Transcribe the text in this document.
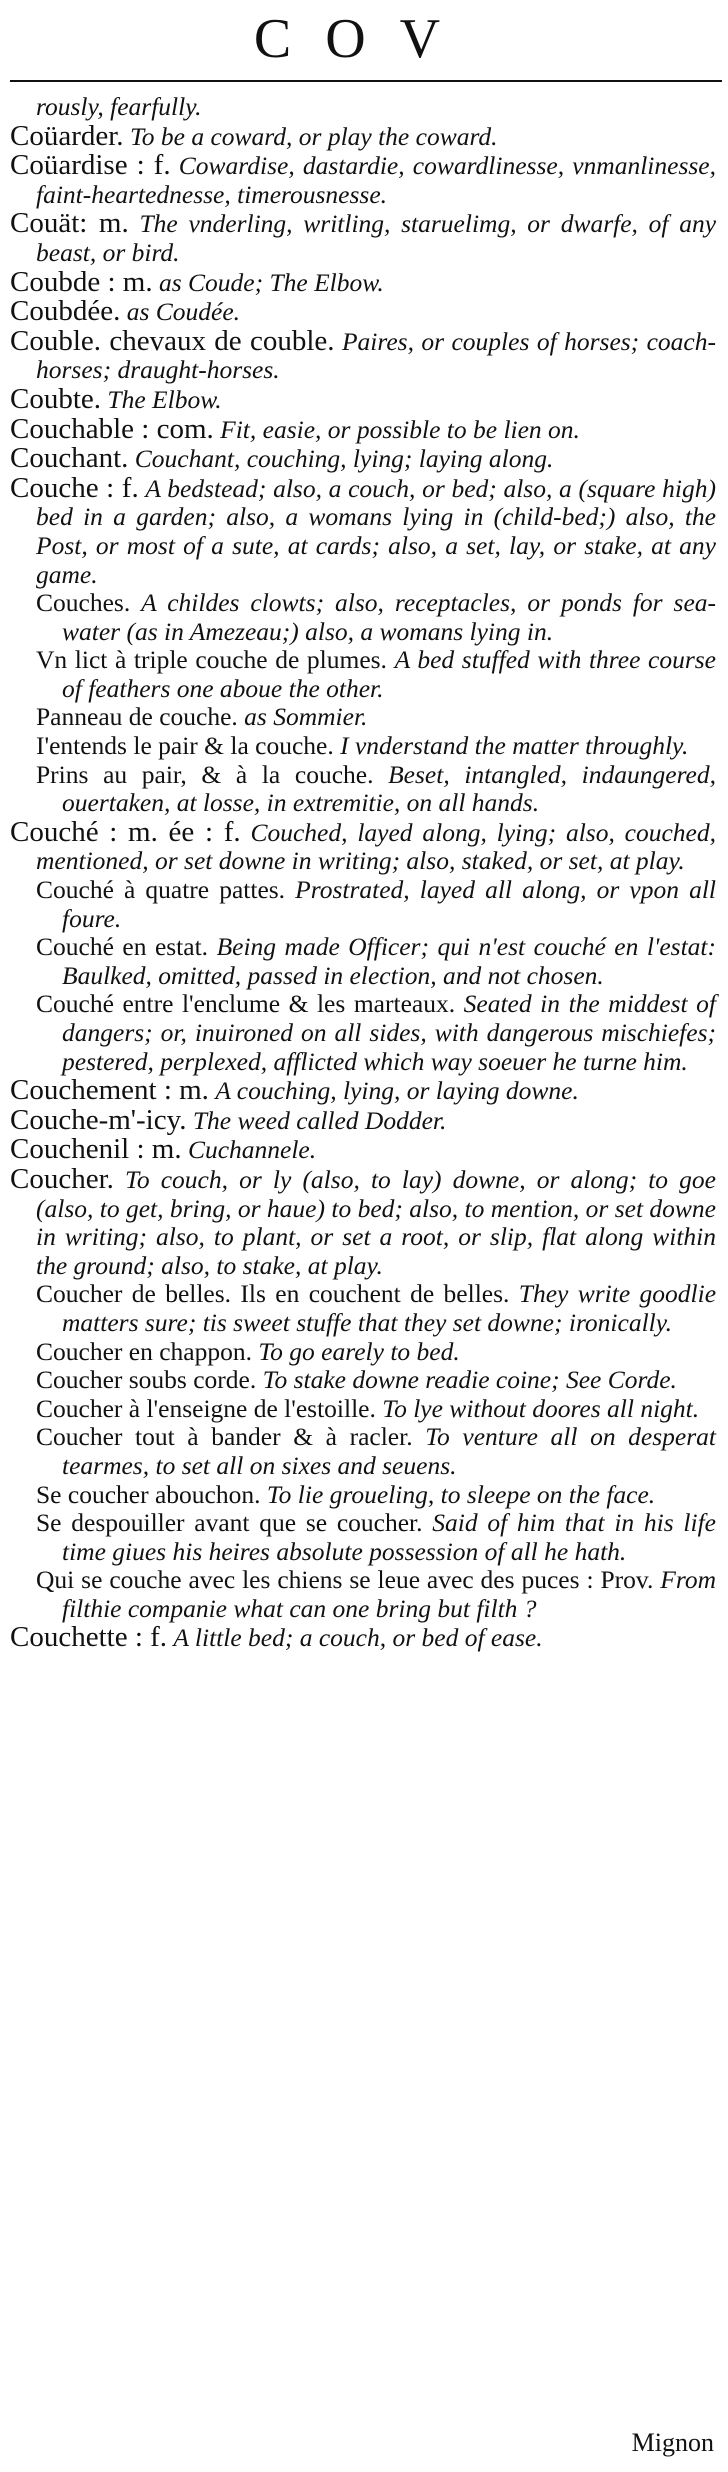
COV

rously, fearfully.

Coüarder. To be a coward, or play the coward.

Coüardise : f. Cowardise, dastardie, cowardlinesse, vnmanlinesse, faint-heartednesse, timerousnesse.

Couät: m. The vnderling, writling, staruelimg, or dwarfe, of any beast, or bird.

Coubde : m. as Coude; The Elbow.

Coubdée. as Coudée.

Couble. chevaux de couble. Paires, or couples of horses; coach-horses; draught-horses.

Coubte. The Elbow.

Couchable : com. Fit, easie, or possible to be lien on.

Couchant. Couchant, couching, lying; laying along.

Couche : f. A bedstead; also, a couch, or bed; also, a (square high) bed in a garden; also, a womans lying in (child-bed;) also, the Post, or most of a sute, at cards; also, a set, lay, or stake, at any game.

Couches. A childes clowts; also, receptacles, or ponds for sea-water (as in Amezeau;) also, a womans lying in.

Vn lict à triple couche de plumes. A bed stuffed with three course of feathers one aboue the other.

Panneau de couche. as Sommier.

I'entends le pair & la couche. I vnderstand the matter throughly.

Prins au pair, & à la couche. Beset, intangled, indaungered, ouertaken, at losse, in extremitie, on all hands.

Couché : m. ée : f. Couched, layed along, lying; also, couched, mentioned, or set downe in writing; also, staked, or set, at play.

Couché à quatre pattes. Prostrated, layed all along, or vpon all foure.

Couché en estat. Being made Officer; qui n'est couché en l'estat: Baulked, omitted, passed in election, and not chosen.

Couché entre l'enclume & les marteaux. Seated in the middest of dangers; or, inuironed on all sides, with dangerous mischiefes; pestered, perplexed, afflicted which way soeuer he turne him.

Couchement : m. A couching, lying, or laying downe.

Couche-m'-icy. The weed called Dodder.

Couchenil : m. Cuchannele.

Coucher. To couch, or ly (also, to lay) downe, or along; to goe (also, to get, bring, or haue) to bed; also, to mention, or set downe in writing; also, to plant, or set a root, or slip, flat along within the ground; also, to stake, at play.

Coucher de belles. Ils en couchent de belles. They write goodlie matters sure; tis sweet stuffe that they set downe; ironically.

Coucher en chappon. To go earely to bed.

Coucher soubs corde. To stake downe readie coine; See Corde.

Coucher à l'enseigne de l'estoille. To lye without doores all night.

Coucher tout à bander & à racler. To venture all on desperat tearmes, to set all on sixes and seuens.

Se coucher abouchon. To lie groueling, to sleepe on the face.

Se despouiller avant que se coucher. Said of him that in his life time giues his heires absolute possession of all he hath.

Qui se couche avec les chiens se leue avec des puces : Prov. From filthie companie what can one bring but filth ?

Couchette : f. A little bed; a couch, or bed of ease.

Mignon
